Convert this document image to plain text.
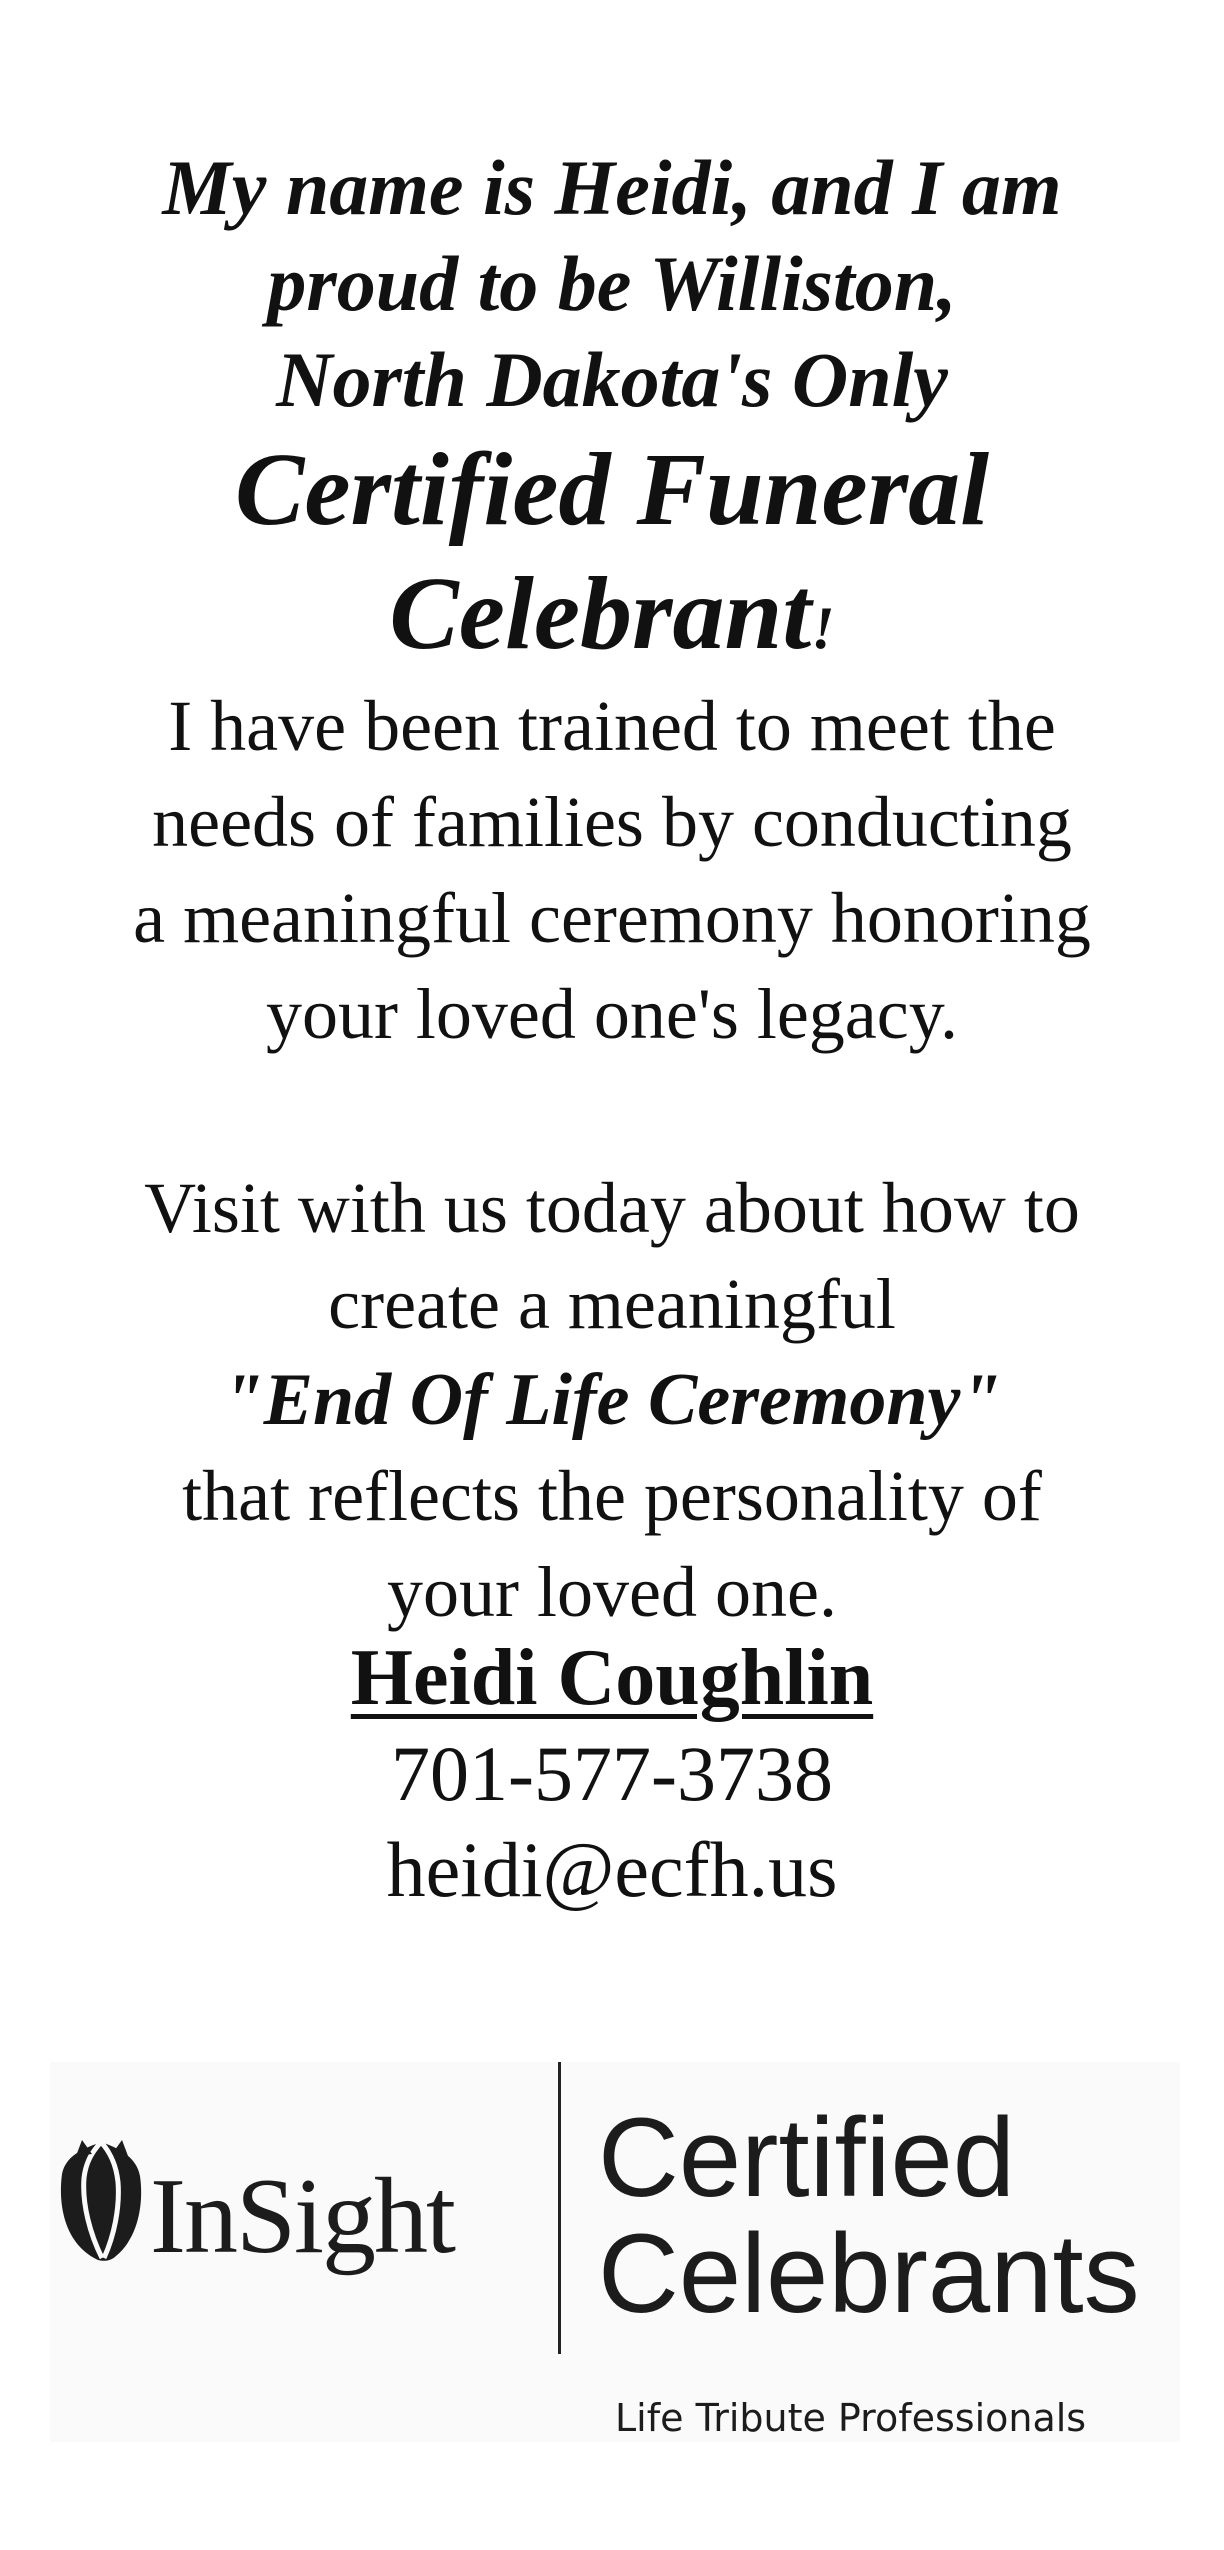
My name is Heidi, and I am
proud to be Williston,
North Dakota's Only
Certified Funeral
Celebrant!
I have been trained to meet the
needs of families by conducting
a meaningful ceremony honoring
your loved one's legacy.
Visit with us today about how to
create a meaningful
"End Of Life Ceremony"
that reflects the personality of
your loved one.
Heidi Coughlin
701-577-3738
heidi@ecfh.us
InSight Certified
Celebrants
Life Tribute Professionals
